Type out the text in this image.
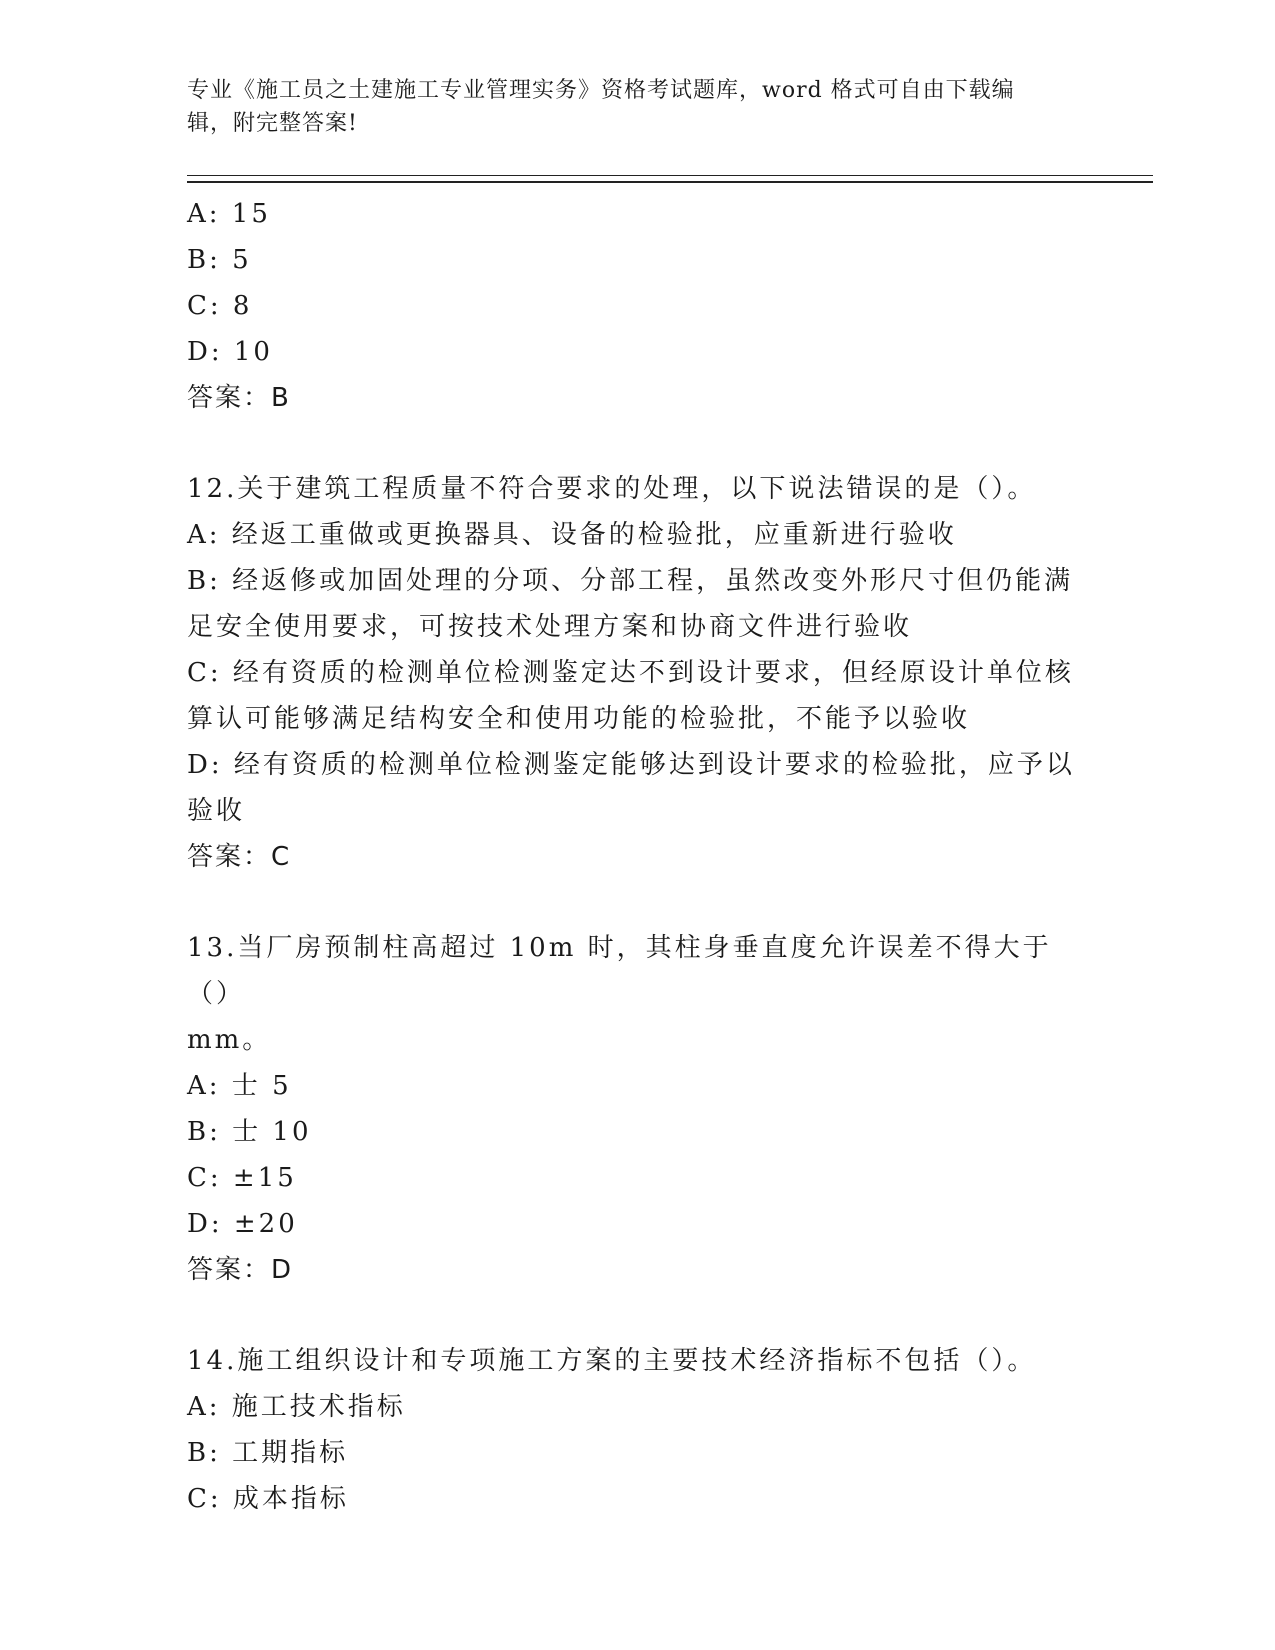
专业《施工员之土建施工专业管理实务》资格考试题库，word 格式可自由下载编
辑，附完整答案!
A: 15
B: 5
C: 8
D: 10
答案：B
12.关于建筑工程质量不符合要求的处理，以下说法错误的是（）。
A: 经返工重做或更换器具、设备的检验批，应重新进行验收
B: 经返修或加固处理的分项、分部工程，虽然改变外形尺寸但仍能满
足安全使用要求，可按技术处理方案和协商文件进行验收
C: 经有资质的检测单位检测鉴定达不到设计要求，但经原设计单位核
算认可能够满足结构安全和使用功能的检验批，不能予以验收
D: 经有资质的检测单位检测鉴定能够达到设计要求的检验批，应予以
验收
答案：C
13.当厂房预制柱高超过 10m 时，其柱身垂直度允许误差不得大于（）
mm。
A: 士 5
B: 士 10
C: ±15
D: ±20
答案：D
14.施工组织设计和专项施工方案的主要技术经济指标不包括（）。
A: 施工技术指标
B: 工期指标
C: 成本指标
